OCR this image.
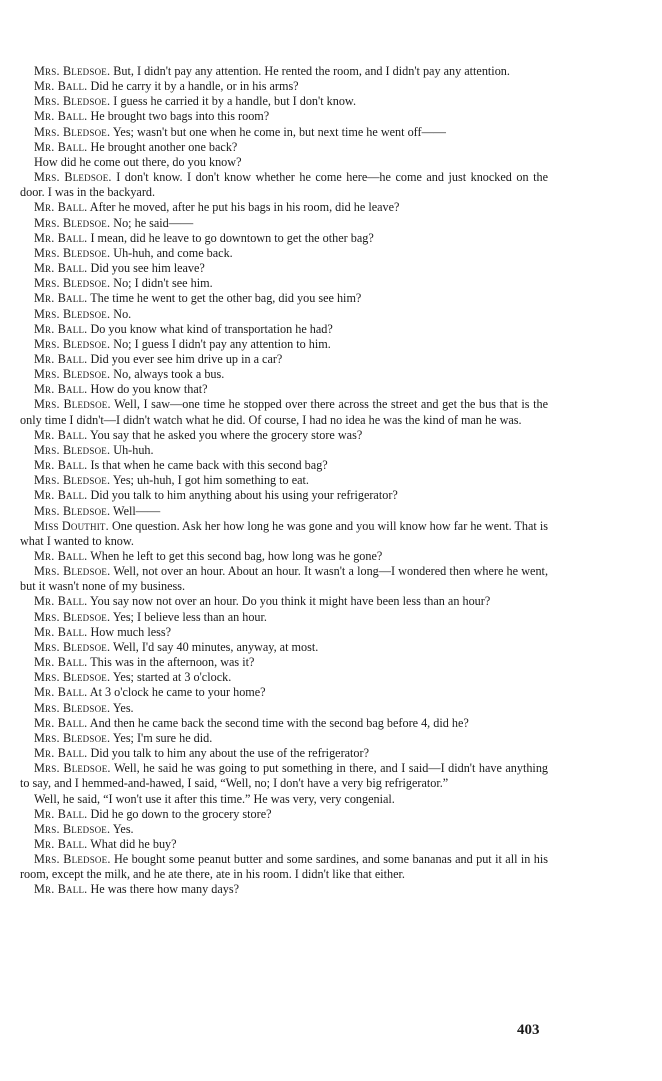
Mrs. Bledsoe. But, I didn't pay any attention. He rented the room, and I didn't pay any attention.

Mr. Ball. Did he carry it by a handle, or in his arms?

Mrs. Bledsoe. I guess he carried it by a handle, but I don't know.

Mr. Ball. He brought two bags into this room?

Mrs. Bledsoe. Yes; wasn't but one when he come in, but next time he went off——

Mr. Ball. He brought another one back?

How did he come out there, do you know?

Mrs. Bledsoe. I don't know. I don't know whether he come here—he come and just knocked on the door. I was in the backyard.

Mr. Ball. After he moved, after he put his bags in his room, did he leave?

Mrs. Bledsoe. No; he said——

Mr. Ball. I mean, did he leave to go downtown to get the other bag?

Mrs. Bledsoe. Uh-huh, and come back.

Mr. Ball. Did you see him leave?

Mrs. Bledsoe. No; I didn't see him.

Mr. Ball. The time he went to get the other bag, did you see him?

Mrs. Bledsoe. No.

Mr. Ball. Do you know what kind of transportation he had?

Mrs. Bledsoe. No; I guess I didn't pay any attention to him.

Mr. Ball. Did you ever see him drive up in a car?

Mrs. Bledsoe. No, always took a bus.

Mr. Ball. How do you know that?

Mrs. Bledsoe. Well, I saw—one time he stopped over there across the street and get the bus that is the only time I didn't—I didn't watch what he did. Of course, I had no idea he was the kind of man he was.

Mr. Ball. You say that he asked you where the grocery store was?

Mrs. Bledsoe. Uh-huh.

Mr. Ball. Is that when he came back with this second bag?

Mrs. Bledsoe. Yes; uh-huh, I got him something to eat.

Mr. Ball. Did you talk to him anything about his using your refrigerator?

Mrs. Bledsoe. Well——

Miss Douthit. One question. Ask her how long he was gone and you will know how far he went. That is what I wanted to know.

Mr. Ball. When he left to get this second bag, how long was he gone?

Mrs. Bledsoe. Well, not over an hour. About an hour. It wasn't a long—I wondered then where he went, but it wasn't none of my business.

Mr. Ball. You say now not over an hour. Do you think it might have been less than an hour?

Mrs. Bledsoe. Yes; I believe less than an hour.

Mr. Ball. How much less?

Mrs. Bledsoe. Well, I'd say 40 minutes, anyway, at most.

Mr. Ball. This was in the afternoon, was it?

Mrs. Bledsoe. Yes; started at 3 o'clock.

Mr. Ball. At 3 o'clock he came to your home?

Mrs. Bledsoe. Yes.

Mr. Ball. And then he came back the second time with the second bag before 4, did he?

Mrs. Bledsoe. Yes; I'm sure he did.

Mr. Ball. Did you talk to him any about the use of the refrigerator?

Mrs. Bledsoe. Well, he said he was going to put something in there, and I said—I didn't have anything to say, and I hemmed-and-hawed, I said, “Well, no; I don't have a very big refrigerator.”

Well, he said, “I won't use it after this time.” He was very, very congenial.

Mr. Ball. Did he go down to the grocery store?

Mrs. Bledsoe. Yes.

Mr. Ball. What did he buy?

Mrs. Bledsoe. He bought some peanut butter and some sardines, and some bananas and put it all in his room, except the milk, and he ate there, ate in his room. I didn't like that either.

Mr. Ball. He was there how many days?

403
